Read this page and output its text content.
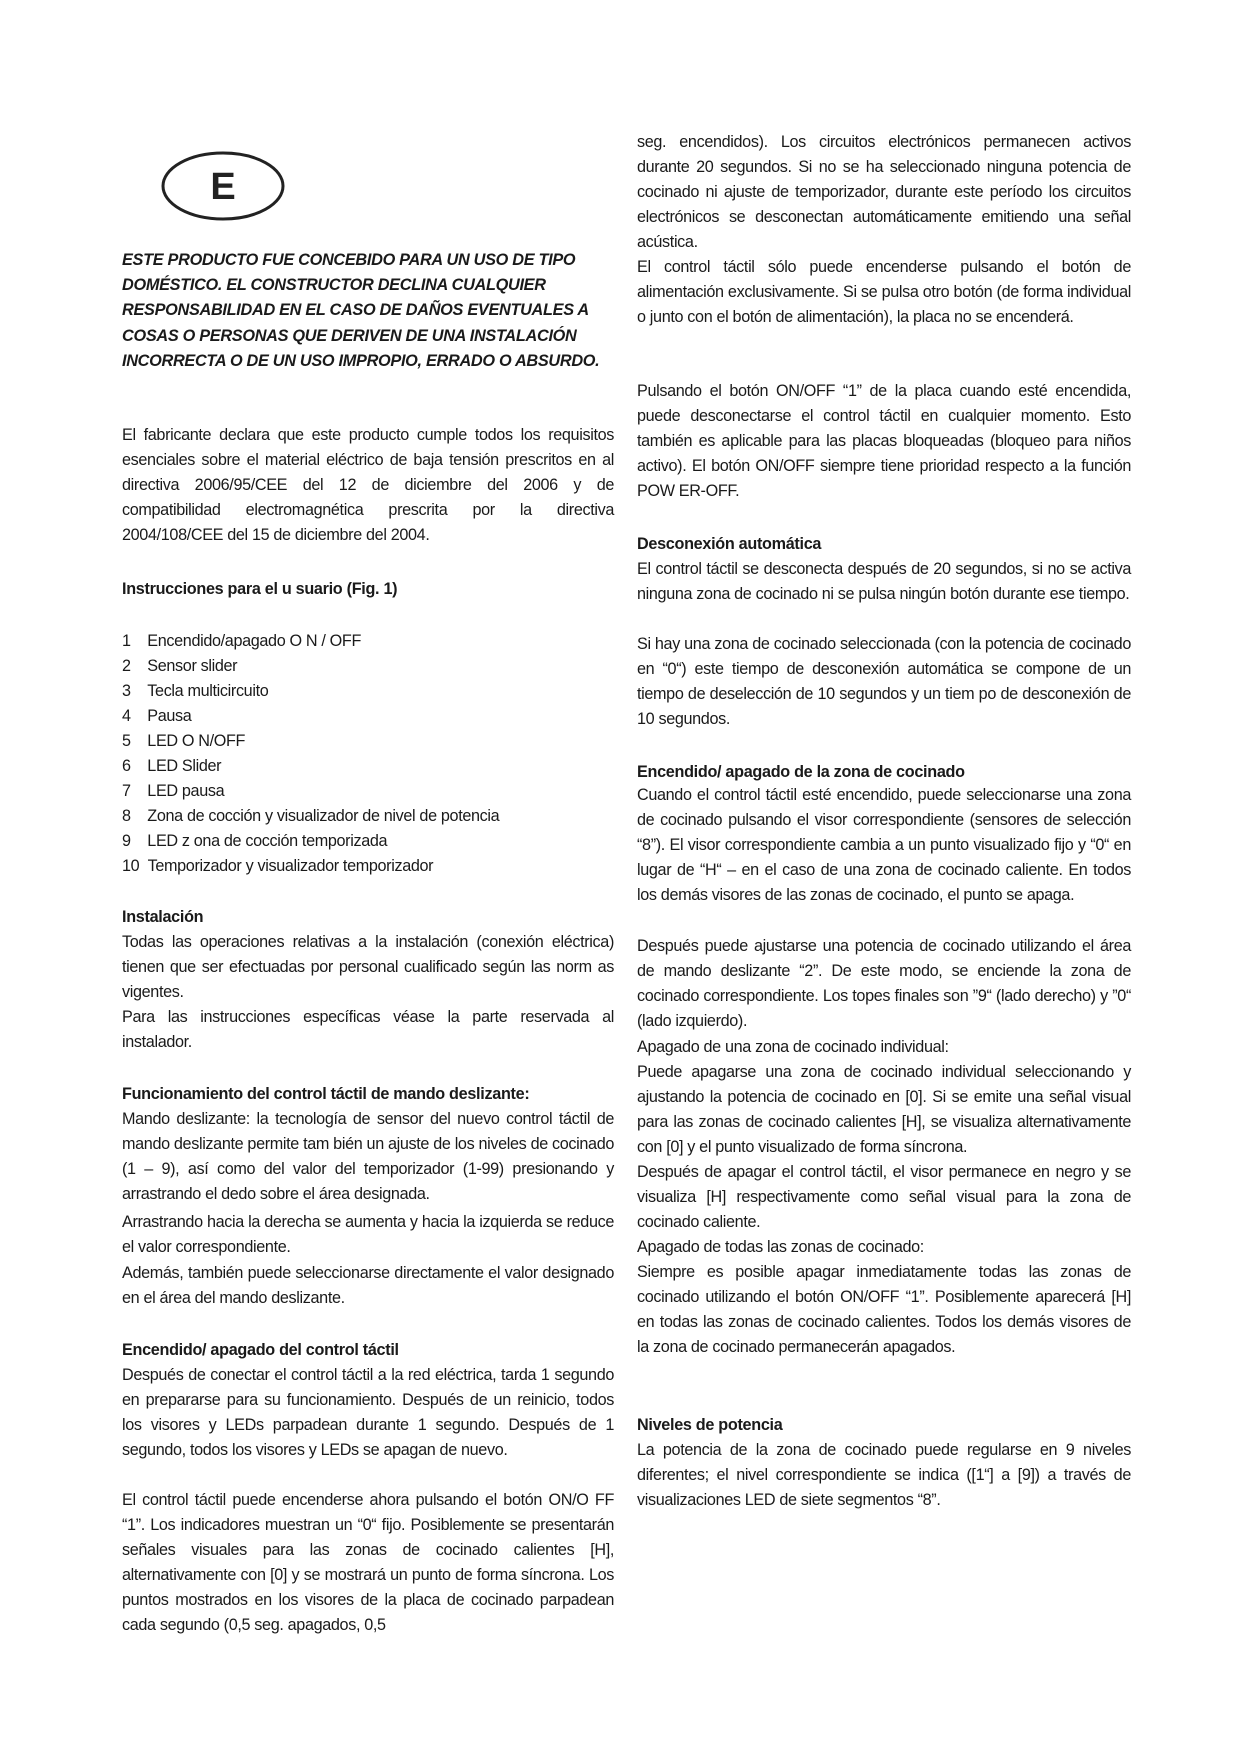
E

ESTE PRODUCTO FUE CONCEBIDO PARA UN USO DE TIPO DOMÉSTICO. EL CONSTRUCTOR DECLINA CUALQUIER RESPONSABILIDAD EN EL CASO DE DAÑOS EVENTUALES A COSAS O PERSONAS QUE DERIVEN DE UNA INSTALACIÓN INCORRECTA O DE UN USO IMPROPIO, ERRADO O ABSURDO.

El fabricante declara que este producto cumple todos los requisitos esenciales sobre el material eléctrico de baja tensión prescritos en al directiva 2006/95/CEE del 12 de diciembre del 2006 y de compatibilidad electromagnética prescrita por la directiva 2004/108/CEE del 15 de diciembre del 2004.

Instrucciones para el u suario (Fig. 1)

1
	Encendido/apagado O N / OFF
2
	Sensor slider
3
	Tecla multicircuito
4
	Pausa
5
	LED O N/OFF
6
	LED Slider
7
	LED pausa
8
	Zona de cocción y visualizador de nivel de potencia
9
	LED z ona de cocción temporizada
10
Temporizador y visualizador temporizador

Instalación

Todas las operaciones relativas a la instalación (conexión eléctrica) tienen que ser efectuadas por personal cualificado según las norm as vigentes.

Para las instrucciones específicas véase la parte reservada al instalador.

Funcionamiento del control táctil de mando deslizante:

Mando deslizante: la tecnología de sensor del nuevo control táctil de mando deslizante permite tam bién un ajuste de los niveles de cocinado (1 – 9), así como del valor del temporizador (1-99) presionando y arrastrando el dedo sobre el área designada.

Arrastrando hacia la derecha se aumenta y hacia la izquierda se reduce el valor correspondiente.

Además, también puede seleccionarse directamente el valor designado en el área del mando deslizante.

Encendido/ apagado del control táctil

Después de conectar el control táctil a la red eléctrica, tarda 1 segundo en prepararse para su funcionamiento. Después de un reinicio, todos los visores y LEDs parpadean durante 1 segundo. Después de 1 segundo, todos los visores y LEDs se apagan de nuevo.

El control táctil puede encenderse ahora pulsando el botón ON/O FF “1”. Los indicadores muestran un “0“ fijo. Posiblemente se presentarán señales visuales para las zonas de cocinado calientes [H], alternativamente con [0] y se mostrará un punto de forma síncrona. Los puntos mostrados en los visores de la placa de cocinado parpadean cada segundo (0,5 seg. apagados, 0,5

seg. encendidos). Los circuitos electrónicos permanecen activos durante 20 segundos. Si no se ha seleccionado ninguna potencia de cocinado ni ajuste de temporizador, durante este período los circuitos electrónicos se desconectan automáticamente emitiendo una señal acústica.

El control táctil sólo puede encenderse pulsando el botón de alimentación exclusivamente. Si se pulsa otro botón (de forma individual o junto con el botón de alimentación), la placa no se encenderá.

Pulsando el botón ON/OFF “1” de la placa cuando esté encendida, puede desconectarse el control táctil en cualquier momento. Esto también es aplicable para las placas bloqueadas (bloqueo para niños activo). El botón ON/OFF siempre tiene prioridad respecto a la función POW ER-OFF.

Desconexión automática

El control táctil se desconecta después de 20 segundos, si no se activa ninguna zona de cocinado ni se pulsa ningún botón durante ese tiempo.

Si hay una zona de cocinado seleccionada (con la potencia de cocinado en “0“) este tiempo de desconexión automática se compone de un tiempo de deselección de 10 segundos y un tiem po de desconexión de 10 segundos.

Encendido/ apagado de la zona de cocinado

Cuando el control táctil esté encendido, puede seleccionarse una zona de cocinado pulsando el visor correspondiente (sensores de selección “8”). El visor correspondiente cambia a un punto visualizado fijo y “0“ en lugar de “H“ – en el caso de una zona de cocinado caliente. En todos los demás visores de las zonas de cocinado, el punto se apaga.

Después puede ajustarse una potencia de cocinado utilizando el área de mando deslizante “2”. De este modo, se enciende la zona de cocinado correspondiente. Los topes finales son ”9“ (lado derecho) y ”0“ (lado izquierdo).

Apagado de una zona de cocinado individual:

Puede apagarse una zona de cocinado individual seleccionando y ajustando la potencia de cocinado en [0]. Si se emite una señal visual para las zonas de cocinado calientes [H], se visualiza alternativamente con [0] y el punto visualizado de forma síncrona.

Después de apagar el control táctil, el visor permanece en negro y se visualiza [H] respectivamente como señal visual para la zona de cocinado caliente.

Apagado de todas las zonas de cocinado:

Siempre es posible apagar inmediatamente todas las zonas de cocinado utilizando el botón ON/OFF “1”. Posiblemente aparecerá [H] en todas las zonas de cocinado calientes. Todos los demás visores de la zona de cocinado permanecerán apagados.

Niveles de potencia

La potencia de la zona de cocinado puede regularse en 9 niveles diferentes; el nivel correspondiente se indica ([1“] a [9]) a través de visualizaciones LED de siete segmentos “8”.
